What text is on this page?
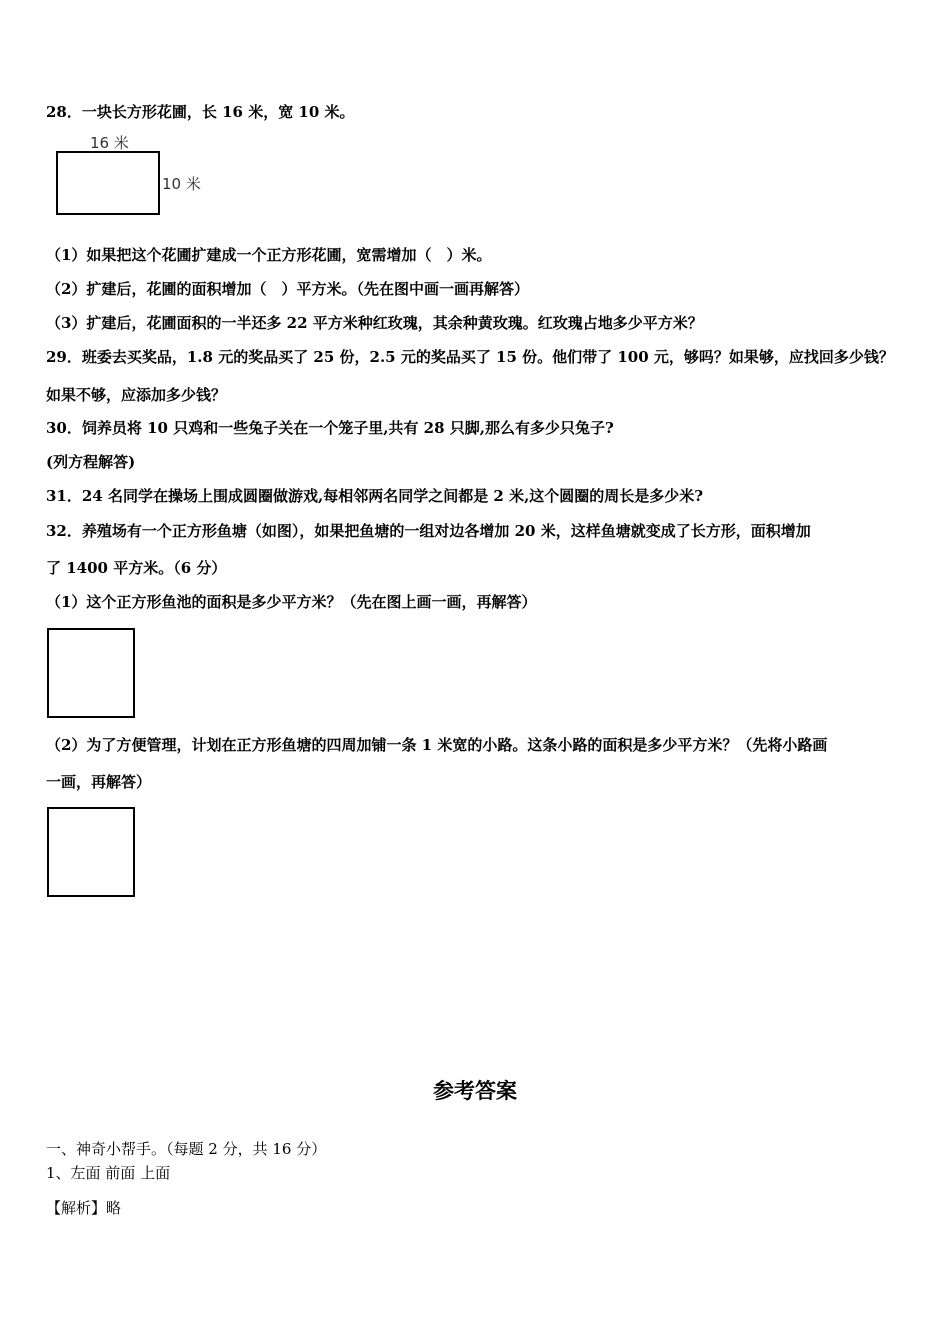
28．一块长方形花圃，长 16 米，宽 10 米。
16 米
10 米
（1）如果把这个花圃扩建成一个正方形花圃，宽需增加（　）米。
（2）扩建后，花圃的面积增加（　）平方米。（先在图中画一画再解答）
（3）扩建后，花圃面积的一半还多 22 平方米种红玫瑰，其余种黄玫瑰。红玫瑰占地多少平方米？
29．班委去买奖品，1.8 元的奖品买了 25 份，2.5 元的奖品买了 15 份。他们带了 100 元，够吗？如果够，应找回多少钱？
如果不够，应添加多少钱？
30．饲养员将 10 只鸡和一些兔子关在一个笼子里,共有 28 只脚,那么有多少只兔子?
(列方程解答)
31．24 名同学在操场上围成圆圈做游戏,每相邻两名同学之间都是 2 米,这个圆圈的周长是多少米?
32．养殖场有一个正方形鱼塘（如图），如果把鱼塘的一组对边各增加 20 米，这样鱼塘就变成了长方形，面积增加
了 1400 平方米。（6 分）
（1）这个正方形鱼池的面积是多少平方米？（先在图上画一画，再解答）
（2）为了方便管理，计划在正方形鱼塘的四周加铺一条 1 米宽的小路。这条小路的面积是多少平方米？（先将小路画
一画，再解答）
参考答案
一、神奇小帮手。（每题 2 分，共 16 分）
1、左面 前面 上面
【解析】略
